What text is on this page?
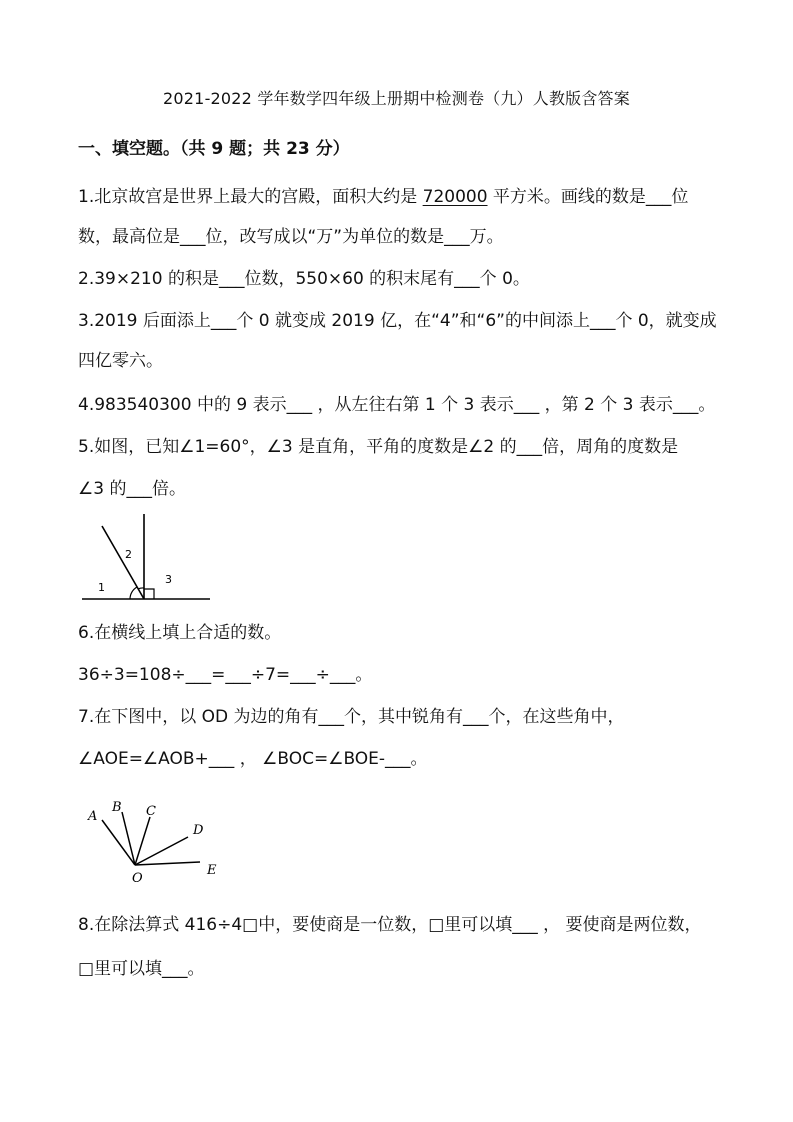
2021-2022 学年数学四年级上册期中检测卷（九）人教版含答案
一、填空题。（共 9 题；共 23 分）
1.北京故宫是世界上最大的宫殿，面积大约是 720000 平方米。画线的数是___位
数，最高位是___位，改写成以“万”为单位的数是___万。
2.39×210 的积是___位数，550×60 的积末尾有___个 0。
3.2019 后面添上___个 0 就变成 2019 亿，在“4”和“6”的中间添上___个 0，就变成
四亿零六。
4.983540300 中的 9 表示___ ，从左往右第 1 个 3 表示___ ，第 2 个 3 表示___。
5.如图，已知∠1=60°，∠3 是直角，平角的度数是∠2 的___倍，周角的度数是
∠3 的___倍。
1
2
3
6.在横线上填上合适的数。
36÷3=108÷___=___÷7=___÷___。
7.在下图中，以 OD 为边的角有___个，其中锐角有___个，在这些角中，
∠AOE=∠AOB+___ ， ∠BOC=∠BOE-___。
A
B C
D
E
O
8.在除法算式 416÷4□中，要使商是一位数，□里可以填___ ， 要使商是两位数，
□里可以填___。
